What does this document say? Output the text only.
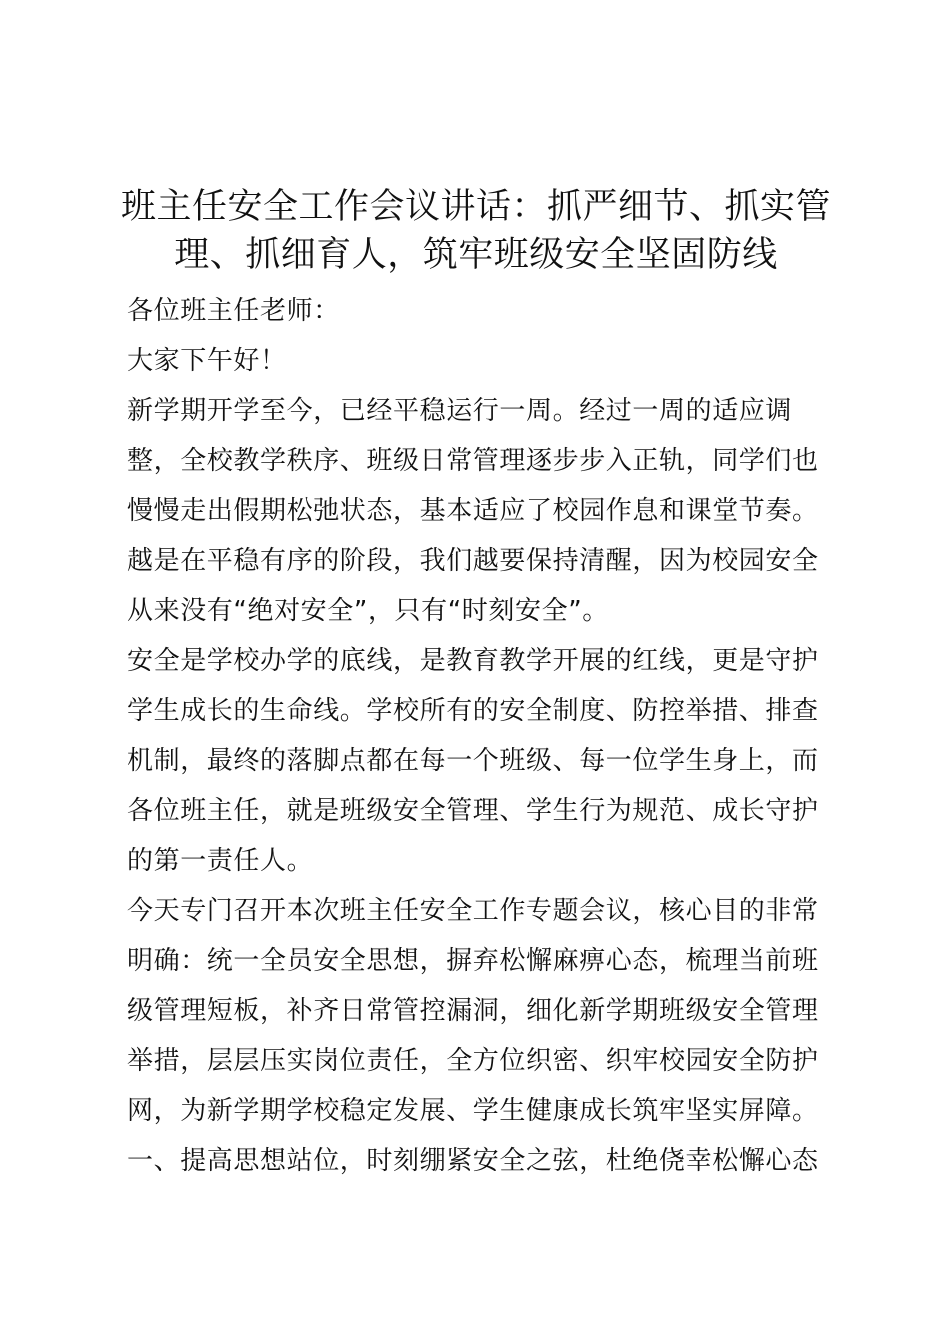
班主任安全工作会议讲话：抓严细节、抓实管理、抓细育人，筑牢班级安全坚固防线

各位班主任老师：

大家下午好！

新学期开学至今，已经平稳运行一周。经过一周的适应调整，全校教学秩序、班级日常管理逐步步入正轨，同学们也慢慢走出假期松弛状态，基本适应了校园作息和课堂节奏。越是在平稳有序的阶段，我们越要保持清醒，因为校园安全从来没有“绝对安全”，只有“时刻安全”。

安全是学校办学的底线，是教育教学开展的红线，更是守护学生成长的生命线。学校所有的安全制度、防控举措、排查机制，最终的落脚点都在每一个班级、每一位学生身上，而各位班主任，就是班级安全管理、学生行为规范、成长守护的第一责任人。

今天专门召开本次班主任安全工作专题会议，核心目的非常明确：统一全员安全思想，摒弃松懈麻痹心态，梳理当前班级管理短板，补齐日常管控漏洞，细化新学期班级安全管理举措，层层压实岗位责任，全方位织密、织牢校园安全防护网，为新学期学校稳定发展、学生健康成长筑牢坚实屏障。

一、提高思想站位，时刻绷紧安全之弦，杜绝侥幸松懈心态
